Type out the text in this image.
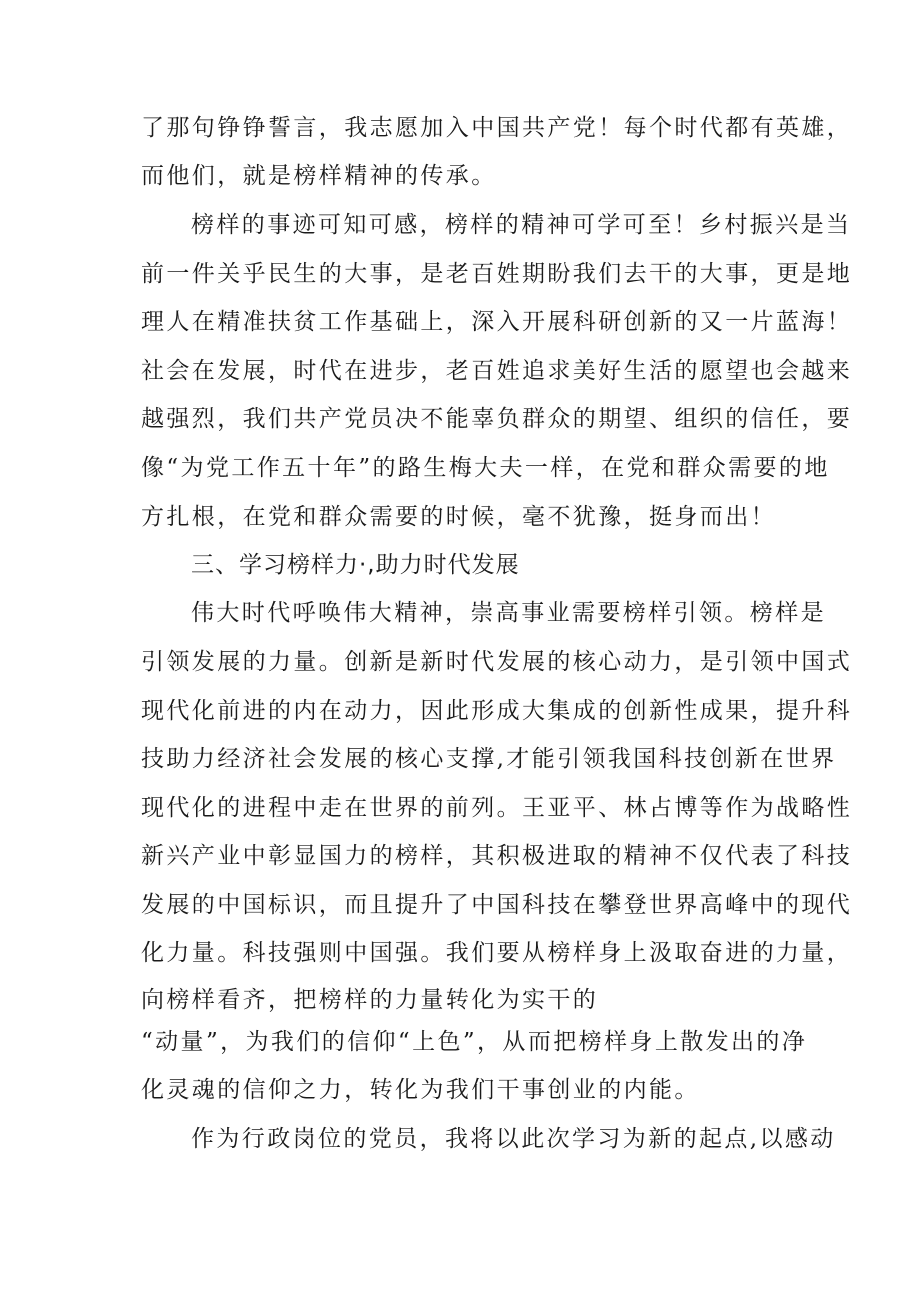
了那句铮铮誓言，我志愿加入中国共产党！每个时代都有英雄，
而他们，就是榜样精神的传承。
榜样的事迹可知可感，榜样的精神可学可至！乡村振兴是当
前一件关乎民生的大事，是老百姓期盼我们去干的大事，更是地
理人在精准扶贫工作基础上，深入开展科研创新的又一片蓝海！
社会在发展，时代在进步，老百姓追求美好生活的愿望也会越来
越强烈，我们共产党员决不能辜负群众的期望、组织的信任，要
像“为党工作五十年”的路生梅大夫一样，在党和群众需要的地
方扎根，在党和群众需要的时候，毫不犹豫，挺身而出！
三、学习榜样力·,助力时代发展
伟大时代呼唤伟大精神，崇高事业需要榜样引领。榜样是
引领发展的力量。创新是新时代发展的核心动力，是引领中国式
现代化前进的内在动力，因此形成大集成的创新性成果，提升科
技助力经济社会发展的核心支撑,才能引领我国科技创新在世界
现代化的进程中走在世界的前列。王亚平、林占博等作为战略性
新兴产业中彰显国力的榜样，其积极进取的精神不仅代表了科技
发展的中国标识，而且提升了中国科技在攀登世界高峰中的现代
化力量。科技强则中国强。我们要从榜样身上汲取奋进的力量，
向榜样看齐，把榜样的力量转化为实干的
“动量”，为我们的信仰“上色”，从而把榜样身上散发出的净
化灵魂的信仰之力，转化为我们干事创业的内能。
作为行政岗位的党员，我将以此次学习为新的起点,以感动
